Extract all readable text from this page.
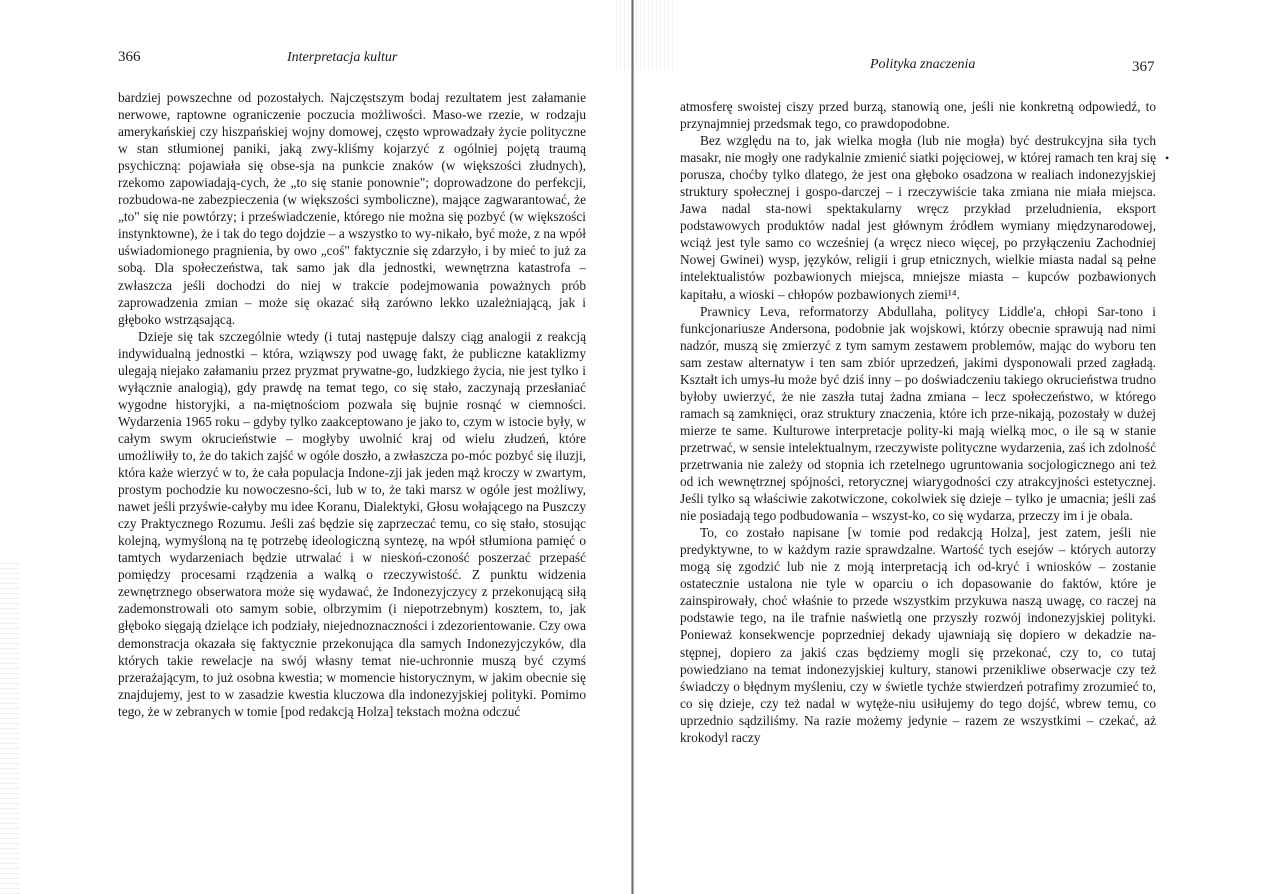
366	Interpretacja kultur

bardziej powszechne od pozostałych. Najczęstszym bodaj rezultatem jest załamanie nerwowe, raptowne ograniczenie poczucia możliwości. Maso-we rzezie, w rodzaju amerykańskiej czy hiszpańskiej wojny domowej, często wprowadzały życie polityczne w stan stłumionej paniki, jaką zwy-kliśmy kojarzyć z ogólniej pojętą traumą psychiczną: pojawiała się obse-sja na punkcie znaków (w większości złudnych), rzekomo zapowiadają-cych, że „to się stanie ponownie"; doprowadzone do perfekcji, rozbudowa-ne zabezpieczenia (w większości symboliczne), mające zagwarantować, że „to" się nie powtórzy; i przeświadczenie, którego nie można się pozbyć (w większości instynktowne), że i tak do tego dojdzie – a wszystko to wy-nikało, być może, z na wpół uświadomionego pragnienia, by owo „coś" faktycznie się zdarzyło, i by mieć to już za sobą. Dla społeczeństwa, tak samo jak dla jednostki, wewnętrzna katastrofa – zwłaszcza jeśli dochodzi do niej w trakcie podejmowania poważnych prób zaprowadzenia zmian – może się okazać siłą zarówno lekko uzależniającą, jak i głęboko wstrząsającą.

Dzieje się tak szczególnie wtedy (i tutaj następuje dalszy ciąg analogii z reakcją indywidualną jednostki – która, wziąwszy pod uwagę fakt, że publiczne kataklizmy ulegają niejako załamaniu przez pryzmat prywatne-go, ludzkiego życia, nie jest tylko i wyłącznie analogią), gdy prawdę na temat tego, co się stało, zaczynają przesłaniać wygodne historyjki, a na-miętnościom pozwala się bujnie rosnąć w ciemności. Wydarzenia 1965 roku – gdyby tylko zaakceptowano je jako to, czym w istocie były, w całym swym okrucieństwie – mogłyby uwolnić kraj od wielu złudzeń, które umożliwiły to, że do takich zajść w ogóle doszło, a zwłaszcza po-móc pozbyć się iluzji, która każe wierzyć w to, że cała populacja Indone-zji jak jeden mąż kroczy w zwartym, prostym pochodzie ku nowoczesno-ści, lub w to, że taki marsz w ogóle jest możliwy, nawet jeśli przyświe-całyby mu idee Koranu, Dialektyki, Głosu wołającego na Puszczy czy Praktycznego Rozumu. Jeśli zaś będzie się zaprzeczać temu, co się stało, stosując kolejną, wymyśloną na tę potrzebę ideologiczną syntezę, na wpół stłumiona pamięć o tamtych wydarzeniach będzie utrwalać i w nieskoń-czoność poszerzać przepaść pomiędzy procesami rządzenia a walką o rzeczywistość. Z punktu widzenia zewnętrznego obserwatora może się wydawać, że Indonezyjczycy z przekonującą siłą zademonstrowali oto samym sobie, olbrzymim (i niepotrzebnym) kosztem, to, jak głęboko sięgają dzielące ich podziały, niejednoznaczności i zdezorientowanie. Czy owa demonstracja okazała się faktycznie przekonująca dla samych Indonezyjczyków, dla których takie rewelacje na swój własny temat nie-uchronnie muszą być czymś przerażającym, to już osobna kwestia; w momencie historycznym, w jakim obecnie się znajdujemy, jest to w zasadzie kwestia kluczowa dla indonezyjskiej polityki. Pomimo tego, że w zebranych w tomie [pod redakcją Holza] tekstach można odczuć

Polityka znaczenia	367

atmosferę swoistej ciszy przed burzą, stanowią one, jeśli nie konkretną odpowiedź, to przynajmniej przedsmak tego, co prawdopodobne.

Bez względu na to, jak wielka mogła (lub nie mogła) być destrukcyjna siła tych masakr, nie mogły one radykalnie zmienić siatki pojęciowej, w której ramach ten kraj się porusza, choćby tylko dlatego, że jest ona głęboko osadzona w realiach indonezyjskiej struktury społecznej i gospo-darczej – i rzeczywiście taka zmiana nie miała miejsca. Jawa nadal sta-nowi spektakularny wręcz przykład przeludnienia, eksport podstawowych produktów nadal jest głównym źródłem wymiany międzynarodowej, wciąż jest tyle samo co wcześniej (a wręcz nieco więcej, po przyłączeniu Zachodniej Nowej Gwinei) wysp, języków, religii i grup etnicznych, wielkie miasta nadal są pełne intelektualistów pozbawionych miejsca, mniejsze miasta – kupców pozbawionych kapitału, a wioski – chłopów pozbawionych ziemi¹⁴.

Prawnicy Leva, reformatorzy Abdullaha, politycy Liddle'a, chłopi Sar-tono i funkcjonariusze Andersona, podobnie jak wojskowi, którzy obecnie sprawują nad nimi nadzór, muszą się zmierzyć z tym samym zestawem problemów, mając do wyboru ten sam zestaw alternatyw i ten sam zbiór uprzedzeń, jakimi dysponowali przed zagładą. Kształt ich umys-łu może być dziś inny – po doświadczeniu takiego okrucieństwa trudno byłoby uwierzyć, że nie zaszła tutaj żadna zmiana – lecz społeczeństwo, w którego ramach są zamknięci, oraz struktury znaczenia, które ich prze-nikają, pozostały w dużej mierze te same. Kulturowe interpretacje polity-ki mają wielką moc, o ile są w stanie przetrwać, w sensie intelektualnym, rzeczywiste polityczne wydarzenia, zaś ich zdolność przetrwania nie zależy od stopnia ich rzetelnego ugruntowania socjologicznego ani też od ich wewnętrznej spójności, retorycznej wiarygodności czy atrakcyjności estetycznej. Jeśli tylko są właściwie zakotwiczone, cokolwiek się dzieje – tylko je umacnia; jeśli zaś nie posiadają tego podbudowania – wszyst-ko, co się wydarza, przeczy im i je obala.

To, co zostało napisane [w tomie pod redakcją Holza], jest zatem, jeśli nie predyktywne, to w każdym razie sprawdzalne. Wartość tych esejów – których autorzy mogą się zgodzić lub nie z moją interpretacją ich od-kryć i wniosków – zostanie ostatecznie ustalona nie tyle w oparciu o ich dopasowanie do faktów, które je zainspirowały, choć właśnie to przede wszystkim przykuwa naszą uwagę, co raczej na podstawie tego, na ile trafnie naświetlą one przyszły rozwój indonezyjskiej polityki. Ponieważ konsekwencje poprzedniej dekady ujawniają się dopiero w dekadzie na-stępnej, dopiero za jakiś czas będziemy mogli się przekonać, czy to, co tutaj powiedziano na temat indonezyjskiej kultury, stanowi przenikliwe obserwacje czy też świadczy o błędnym myśleniu, czy w świetle tychże stwierdzeń potrafimy zrozumieć to, co się dzieje, czy też nadal w wytęże-niu usiłujemy do tego dojść, wbrew temu, co uprzednio sądziliśmy. Na razie możemy jedynie – razem ze wszystkimi – czekać, aż krokodyl raczy

•
